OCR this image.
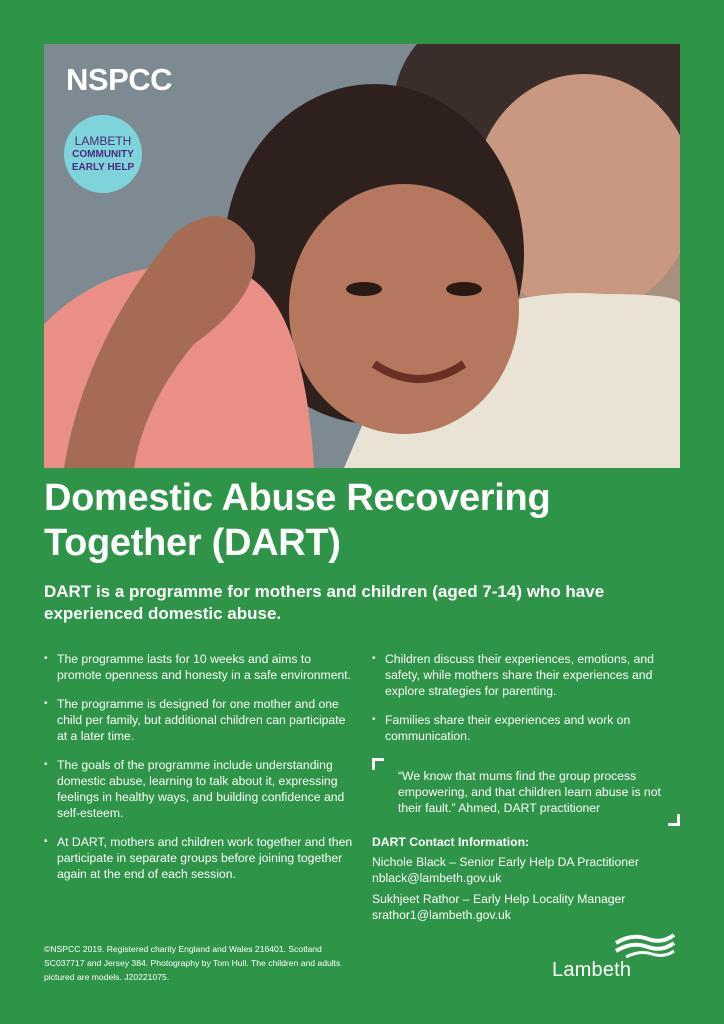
NSPCC
LAMBETH
COMMUNITY
EARLY HELP
Domestic Abuse Recovering Together (DART)

DART is a programme for mothers and children (aged 7-14) who have experienced domestic abuse.

• The programme lasts for 10 weeks and aims to promote openness and honesty in a safe environment.
• The programme is designed for one mother and one child per family, but additional children can participate at a later time.
• The goals of the programme include understanding domestic abuse, learning to talk about it, expressing feelings in healthy ways, and building confidence and self-esteem.
• At DART, mothers and children work together and then participate in separate groups before joining together again at the end of each session.
• Children discuss their experiences, emotions, and safety, while mothers share their experiences and explore strategies for parenting.
• Families share their experiences and work on communication.
“We know that mums find the group process empowering, and that children learn abuse is not their fault.” Ahmed, DART practitioner
DART Contact Information:
Nichole Black – Senior Early Help DA Practitioner
nblack@lambeth.gov.uk
Sukhjeet Rathor – Early Help Locality Manager
srathor1@lambeth.gov.uk
©NSPCC 2019. Registered charity England and Wales 216401. Scotland SC037717 and Jersey 384. Photography by Tom Hull. The children and adults pictured are models. J20221075.	Lambeth
